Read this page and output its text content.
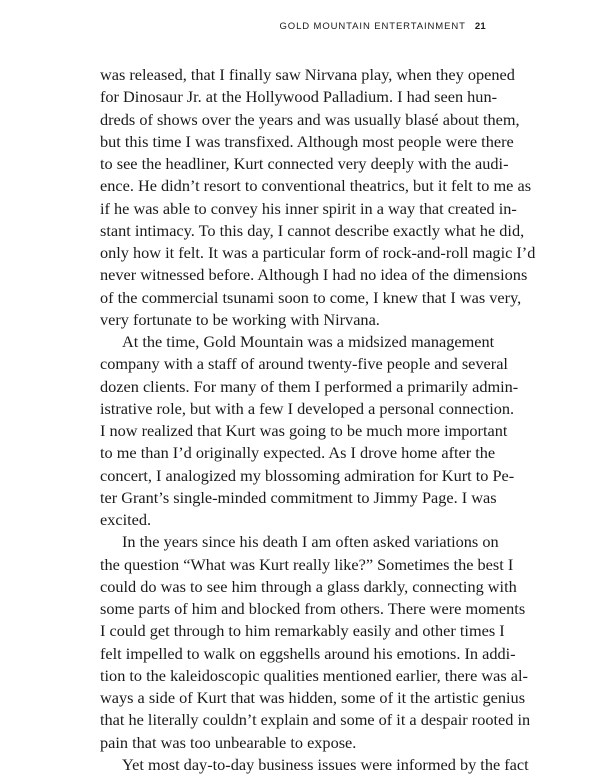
GOLD MOUNTAIN ENTERTAINMENT 21
was released, that I finally saw Nirvana play, when they opened
for Dinosaur Jr. at the Hollywood Palladium. I had seen hun-
dreds of shows over the years and was usually blasé about them,
but this time I was transfixed. Although most people were there
to see the headliner, Kurt connected very deeply with the audi-
ence. He didn’t resort to conventional theatrics, but it felt to me as
if he was able to convey his inner spirit in a way that created in-
stant intimacy. To this day, I cannot describe exactly what he did,
only how it felt. It was a particular form of rock-and-roll magic I’d
never witnessed before. Although I had no idea of the dimensions
of the commercial tsunami soon to come, I knew that I was very,
very fortunate to be working with Nirvana.
At the time, Gold Mountain was a midsized management
company with a staff of around twenty-five people and several
dozen clients. For many of them I performed a primarily admin-
istrative role, but with a few I developed a personal connection.
I now realized that Kurt was going to be much more important
to me than I’d originally expected. As I drove home after the
concert, I analogized my blossoming admiration for Kurt to Pe-
ter Grant’s single-minded commitment to Jimmy Page. I was
excited.
In the years since his death I am often asked variations on
the question “What was Kurt really like?” Sometimes the best I
could do was to see him through a glass darkly, connecting with
some parts of him and blocked from others. There were moments
I could get through to him remarkably easily and other times I
felt impelled to walk on eggshells around his emotions. In addi-
tion to the kaleidoscopic qualities mentioned earlier, there was al-
ways a side of Kurt that was hidden, some of it the artistic genius
that he literally couldn’t explain and some of it a despair rooted in
pain that was too unbearable to expose.
Yet most day-to-day business issues were informed by the fact
